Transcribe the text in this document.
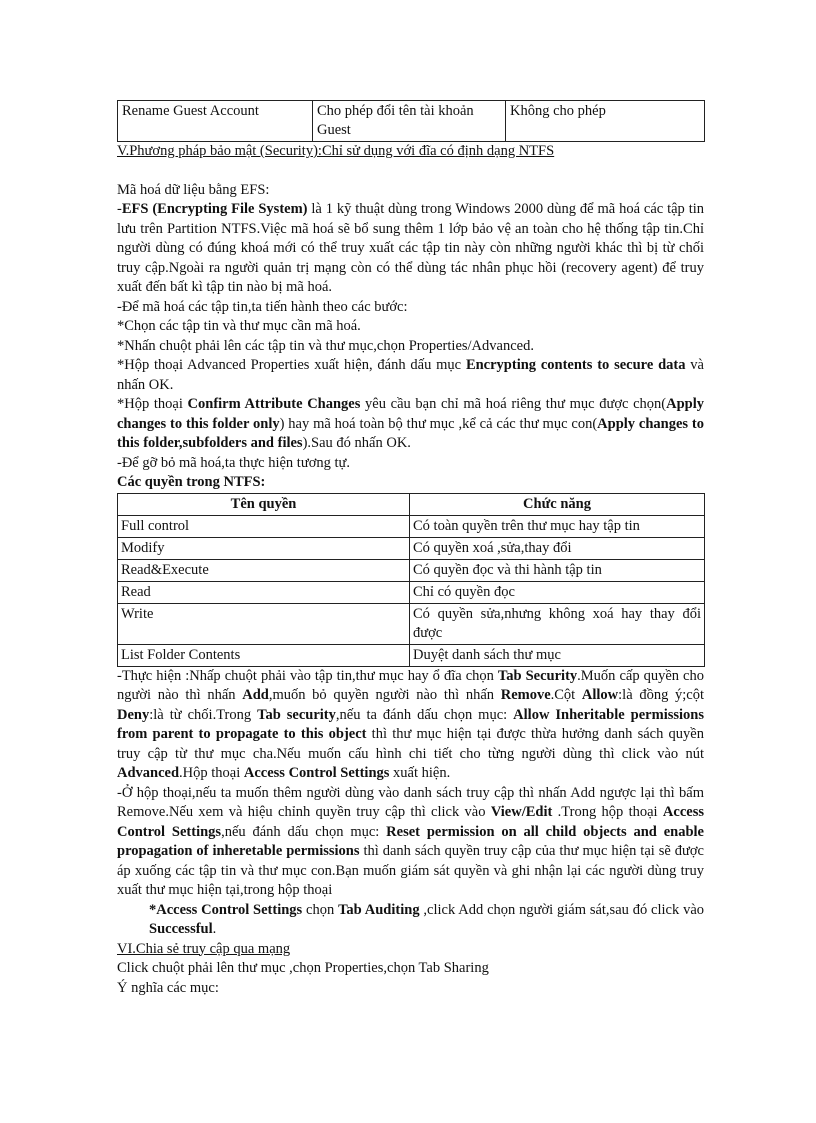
Rename Guest Account	Cho phép đổi tên tài khoản Guest	Không cho phép

V.Phương pháp bảo mật (Security):Chỉ sử dụng với đĩa có định dạng NTFS

Mã hoá dữ liệu bằng EFS:

-EFS (Encrypting File System) là 1 kỹ thuật dùng trong Windows 2000 dùng để mã hoá các tập tin lưu trên Partition NTFS.Việc mã hoá sẽ bổ sung thêm 1 lớp bảo vệ an toàn cho hệ thống tập tin.Chỉ người dùng có đúng khoá mới có thể truy xuất các tập tin này còn những người khác thì bị từ chối truy cập.Ngoài ra người quản trị mạng còn có thể dùng tác nhân phục hồi (recovery agent) để truy xuất đến bất kì tập tin nào bị mã hoá.

-Để mã hoá các tập tin,ta tiến hành theo các bước:

*Chọn các tập tin và thư mục cần mã hoá.

*Nhấn chuột phải lên các tập tin và thư mục,chọn Properties/Advanced.

*Hộp thoại Advanced Properties xuất hiện, đánh dấu mục Encrypting contents to secure data và nhấn OK.

*Hộp thoại Confirm Attribute Changes yêu cầu bạn chỉ mã hoá riêng thư mục được chọn(Apply changes to this folder only) hay mã hoá toàn bộ thư mục ,kể cả các thư mục con(Apply changes to this folder,subfolders and files).Sau đó nhấn OK.

-Để gỡ bỏ mã hoá,ta thực hiện tương tự.

Các quyền trong NTFS:

Tên quyền	Chức năng
Full control	Có toàn quyền trên thư mục hay tập tin
Modify	Có quyền xoá ,sửa,thay đổi
Read&Execute	Có quyền đọc và thi hành tập tin
Read	Chỉ có quyền đọc
Write	Có quyền sửa,nhưng không xoá hay thay đổi được
List Folder Contents	Duyệt danh sách thư mục

-Thực hiện :Nhấp chuột phải vào tập tin,thư mục hay ổ đĩa chọn Tab Security.Muốn cấp quyền cho người nào thì nhấn Add,muốn bỏ quyền người nào thì nhấn Remove.Cột Allow:là đồng ý;cột Deny:là từ chối.Trong Tab security,nếu ta đánh dấu chọn mục: Allow Inheritable permissions from parent to propagate to this object thì thư mục hiện tại được thừa hưởng danh sách quyền truy cập từ thư mục cha.Nếu muốn cấu hình chi tiết cho từng người dùng thì click vào nút Advanced.Hộp thoại Access Control Settings xuất hiện.

-Ở hộp thoại,nếu ta muốn thêm người dùng vào danh sách truy cập thì nhấn Add ngược lại thì bấm Remove.Nếu xem và hiệu chỉnh quyền truy cập thì click vào View/Edit .Trong hộp thoại Access Control Settings,nếu đánh dấu chọn mục: Reset permission on all child objects and enable propagation of inheretable permissions thì danh sách quyền truy cập của thư mục hiện tại sẽ được áp xuống các tập tin và thư mục con.Bạn muốn giám sát quyền và ghi nhận lại các người dùng truy xuất thư mục hiện tại,trong hộp thoại

*Access Control Settings chọn Tab Auditing ,click Add chọn người giám sát,sau đó click vào Successful.

VI.Chia sẻ truy cập qua mạng

Click chuột phải lên thư mục ,chọn Properties,chọn Tab Sharing

Ý nghĩa các mục:
